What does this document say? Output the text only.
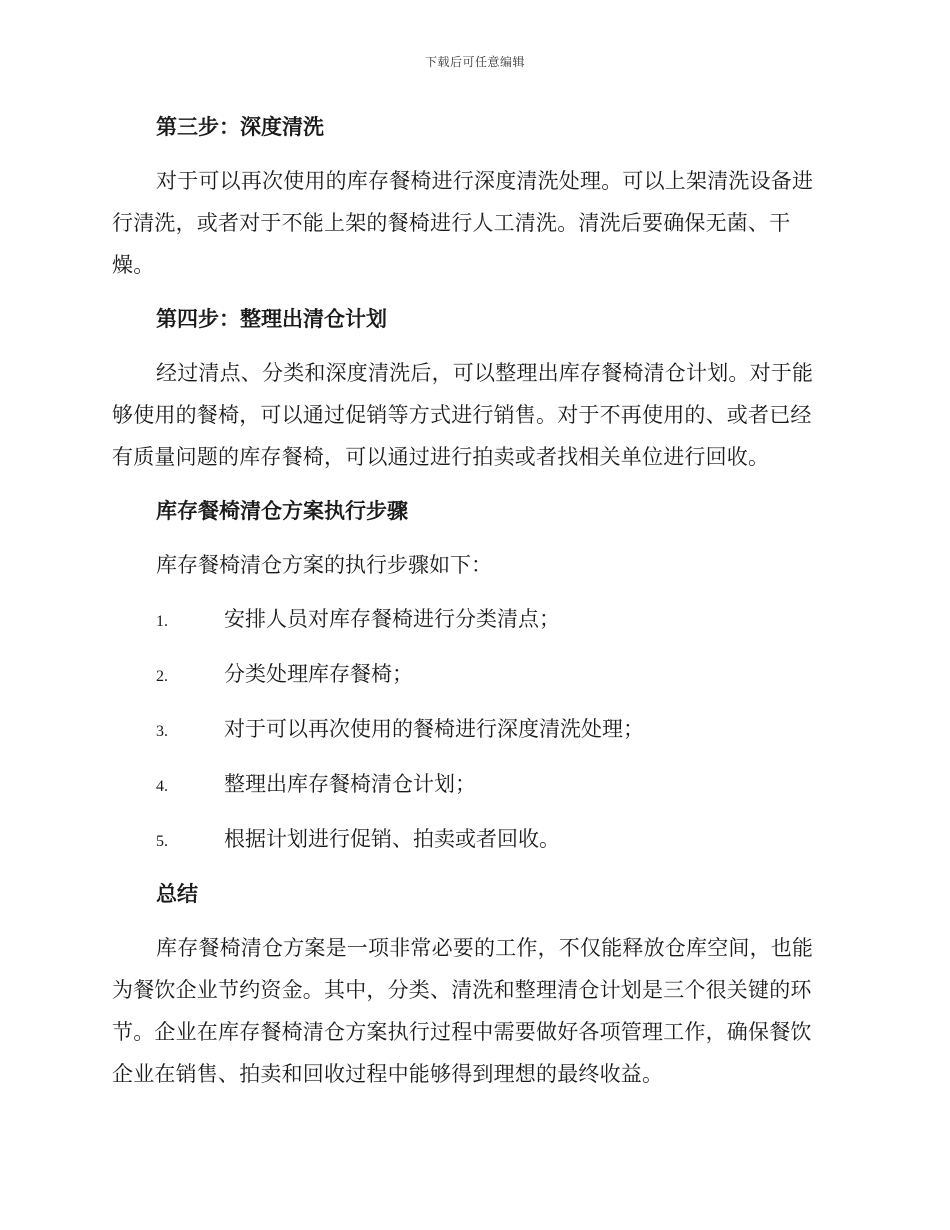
下载后可任意编辑
第三步：深度清洗
对于可以再次使用的库存餐椅进行深度清洗处理。可以上架清洗设备进行清洗，或者对于不能上架的餐椅进行人工清洗。清洗后要确保无菌、干燥。
第四步：整理出清仓计划
经过清点、分类和深度清洗后，可以整理出库存餐椅清仓计划。对于能够使用的餐椅，可以通过促销等方式进行销售。对于不再使用的、或者已经有质量问题的库存餐椅，可以通过进行拍卖或者找相关单位进行回收。
库存餐椅清仓方案执行步骤
库存餐椅清仓方案的执行步骤如下：
1.	安排人员对库存餐椅进行分类清点；
2.	分类处理库存餐椅；
3.	对于可以再次使用的餐椅进行深度清洗处理；
4.	整理出库存餐椅清仓计划；
5.	根据计划进行促销、拍卖或者回收。
总结
库存餐椅清仓方案是一项非常必要的工作，不仅能释放仓库空间，也能为餐饮企业节约资金。其中，分类、清洗和整理清仓计划是三个很关键的环节。企业在库存餐椅清仓方案执行过程中需要做好各项管理工作，确保餐饮企业在销售、拍卖和回收过程中能够得到理想的最终收益。
